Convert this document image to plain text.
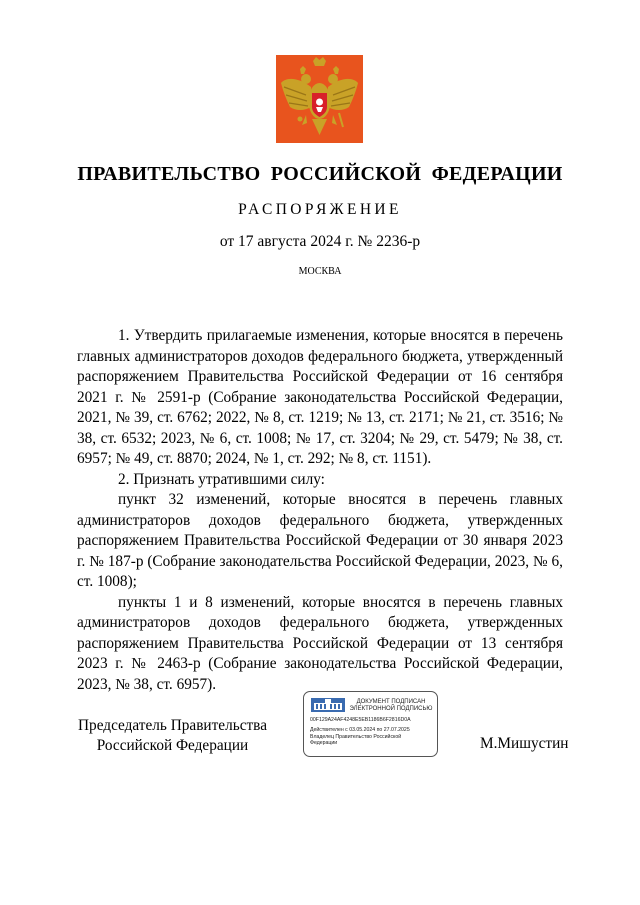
ПРАВИТЕЛЬСТВО РОССИЙСКОЙ ФЕДЕРАЦИИ
РАСПОРЯЖЕНИЕ
от 17 августа 2024 г. № 2236-р
МОСКВА

1. Утвердить прилагаемые изменения, которые вносятся в перечень главных администраторов доходов федерального бюджета, утвержденный распоряжением Правительства Российской Федерации от 16 сентября 2021 г. № 2591-р (Собрание законодательства Российской Федерации, 2021, № 39, ст. 6762; 2022, № 8, ст. 1219; № 13, ст. 2171; № 21, ст. 3516; № 38, ст. 6532; 2023, № 6, ст. 1008; № 17, ст. 3204; № 29, ст. 5479; № 38, ст. 6957; № 49, ст. 8870; 2024, № 1, ст. 292; № 8, ст. 1151).

2. Признать утратившими силу:

пункт 32 изменений, которые вносятся в перечень главных администраторов доходов федерального бюджета, утвержденных распоряжением Правительства Российской Федерации от 30 января 2023 г. № 187-р (Собрание законодательства Российской Федерации, 2023, № 6, ст. 1008);

пункты 1 и 8 изменений, которые вносятся в перечень главных администраторов доходов федерального бюджета, утвержденных распоряжением Правительства Российской Федерации от 13 сентября 2023 г. № 2463-р (Собрание законодательства Российской Федерации, 2023, № 38, ст. 6957).

Председатель Правительства
Российской Федерации
ДОКУМЕНТ ПОДПИСАН
ЭЛЕКТРОННОЙ ПОДПИСЬЮ
00F129A24AF4248E5EB1186B6F2816D0A
Действителен с 03.05.2024 по 27.07.2025
Владелец Правительство Российской
Федерации	М.Мишустин
